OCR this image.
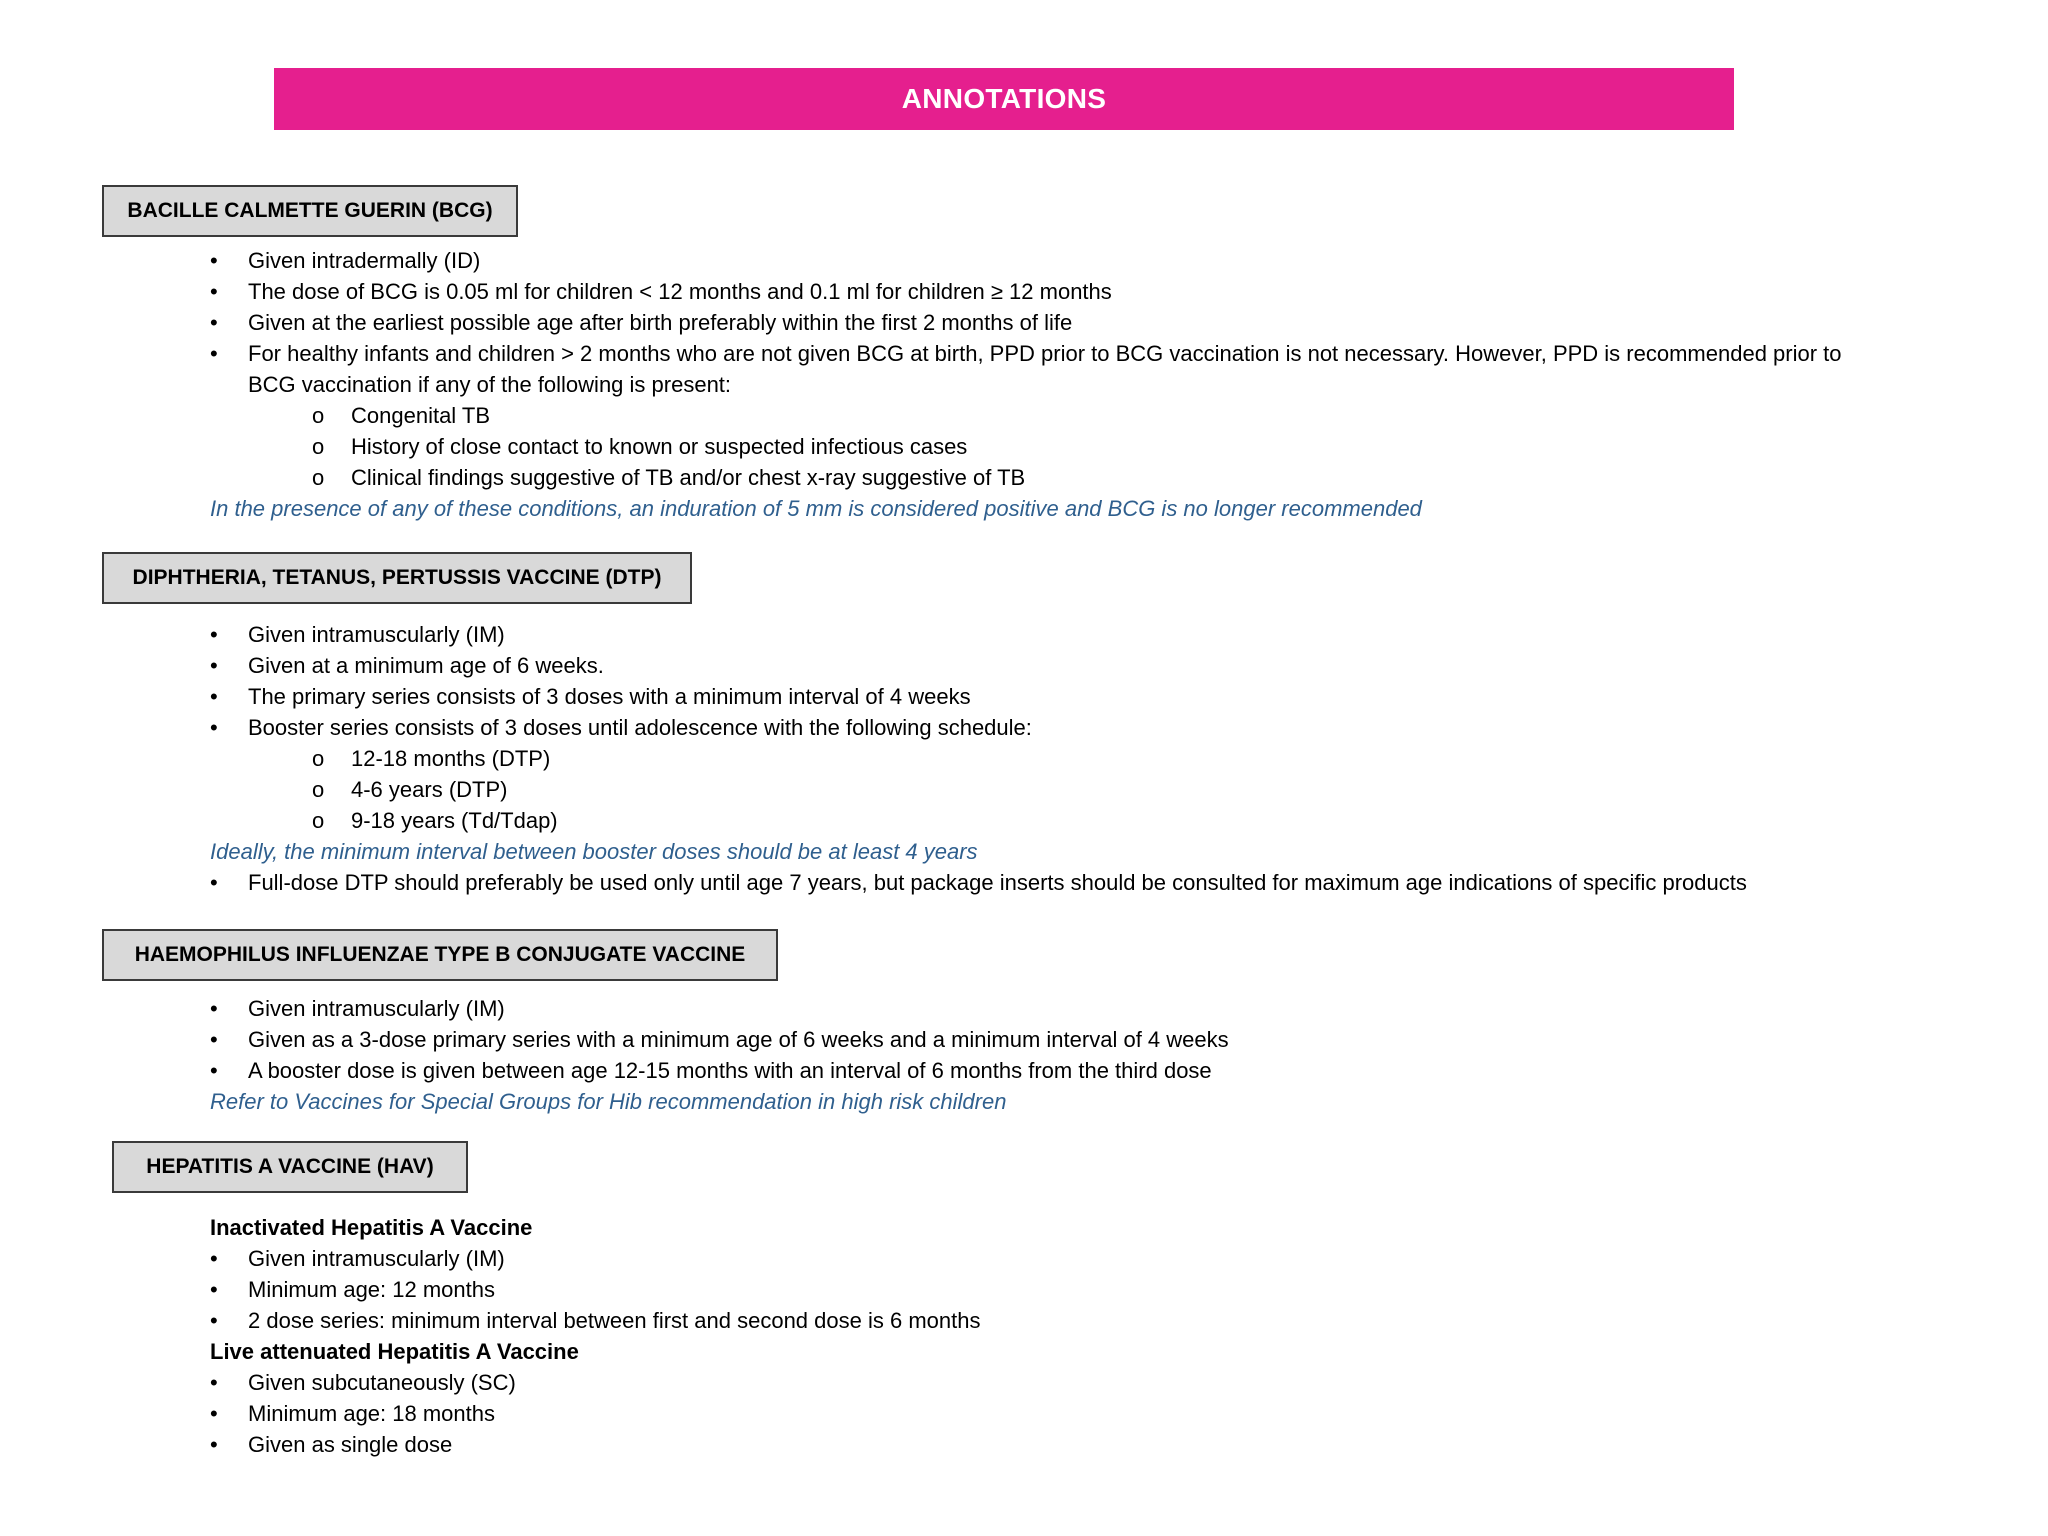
ANNOTATIONS
BACILLE CALMETTE GUERIN (BCG)
• Given intradermally (ID)
• The dose of BCG is 0.05 ml for children < 12 months and 0.1 ml for children ≥ 12 months
• Given at the earliest possible age after birth preferably within the first 2 months of life
• For healthy infants and children > 2 months who are not given BCG at birth, PPD prior to BCG vaccination is not necessary. However, PPD is recommended prior to
BCG vaccination if any of the following is present:
o Congenital TB
o History of close contact to known or suspected infectious cases
o Clinical findings suggestive of TB and/or chest x-ray suggestive of TB
In the presence of any of these conditions, an induration of 5 mm is considered positive and BCG is no longer recommended
DIPHTHERIA, TETANUS, PERTUSSIS VACCINE (DTP)
• Given intramuscularly (IM)
• Given at a minimum age of 6 weeks.
• The primary series consists of 3 doses with a minimum interval of 4 weeks
• Booster series consists of 3 doses until adolescence with the following schedule:
o 12-18 months (DTP)
o 4-6 years (DTP)
o 9-18 years (Td/Tdap)
Ideally, the minimum interval between booster doses should be at least 4 years
• Full-dose DTP should preferably be used only until age 7 years, but package inserts should be consulted for maximum age indications of specific products
HAEMOPHILUS INFLUENZAE TYPE B CONJUGATE VACCINE
• Given intramuscularly (IM)
• Given as a 3-dose primary series with a minimum age of 6 weeks and a minimum interval of 4 weeks
• A booster dose is given between age 12-15 months with an interval of 6 months from the third dose
Refer to Vaccines for Special Groups for Hib recommendation in high risk children
HEPATITIS A VACCINE (HAV)
Inactivated Hepatitis A Vaccine
• Given intramuscularly (IM)
• Minimum age: 12 months
• 2 dose series: minimum interval between first and second dose is 6 months
Live attenuated Hepatitis A Vaccine
• Given subcutaneously (SC)
• Minimum age: 18 months
• Given as single dose
